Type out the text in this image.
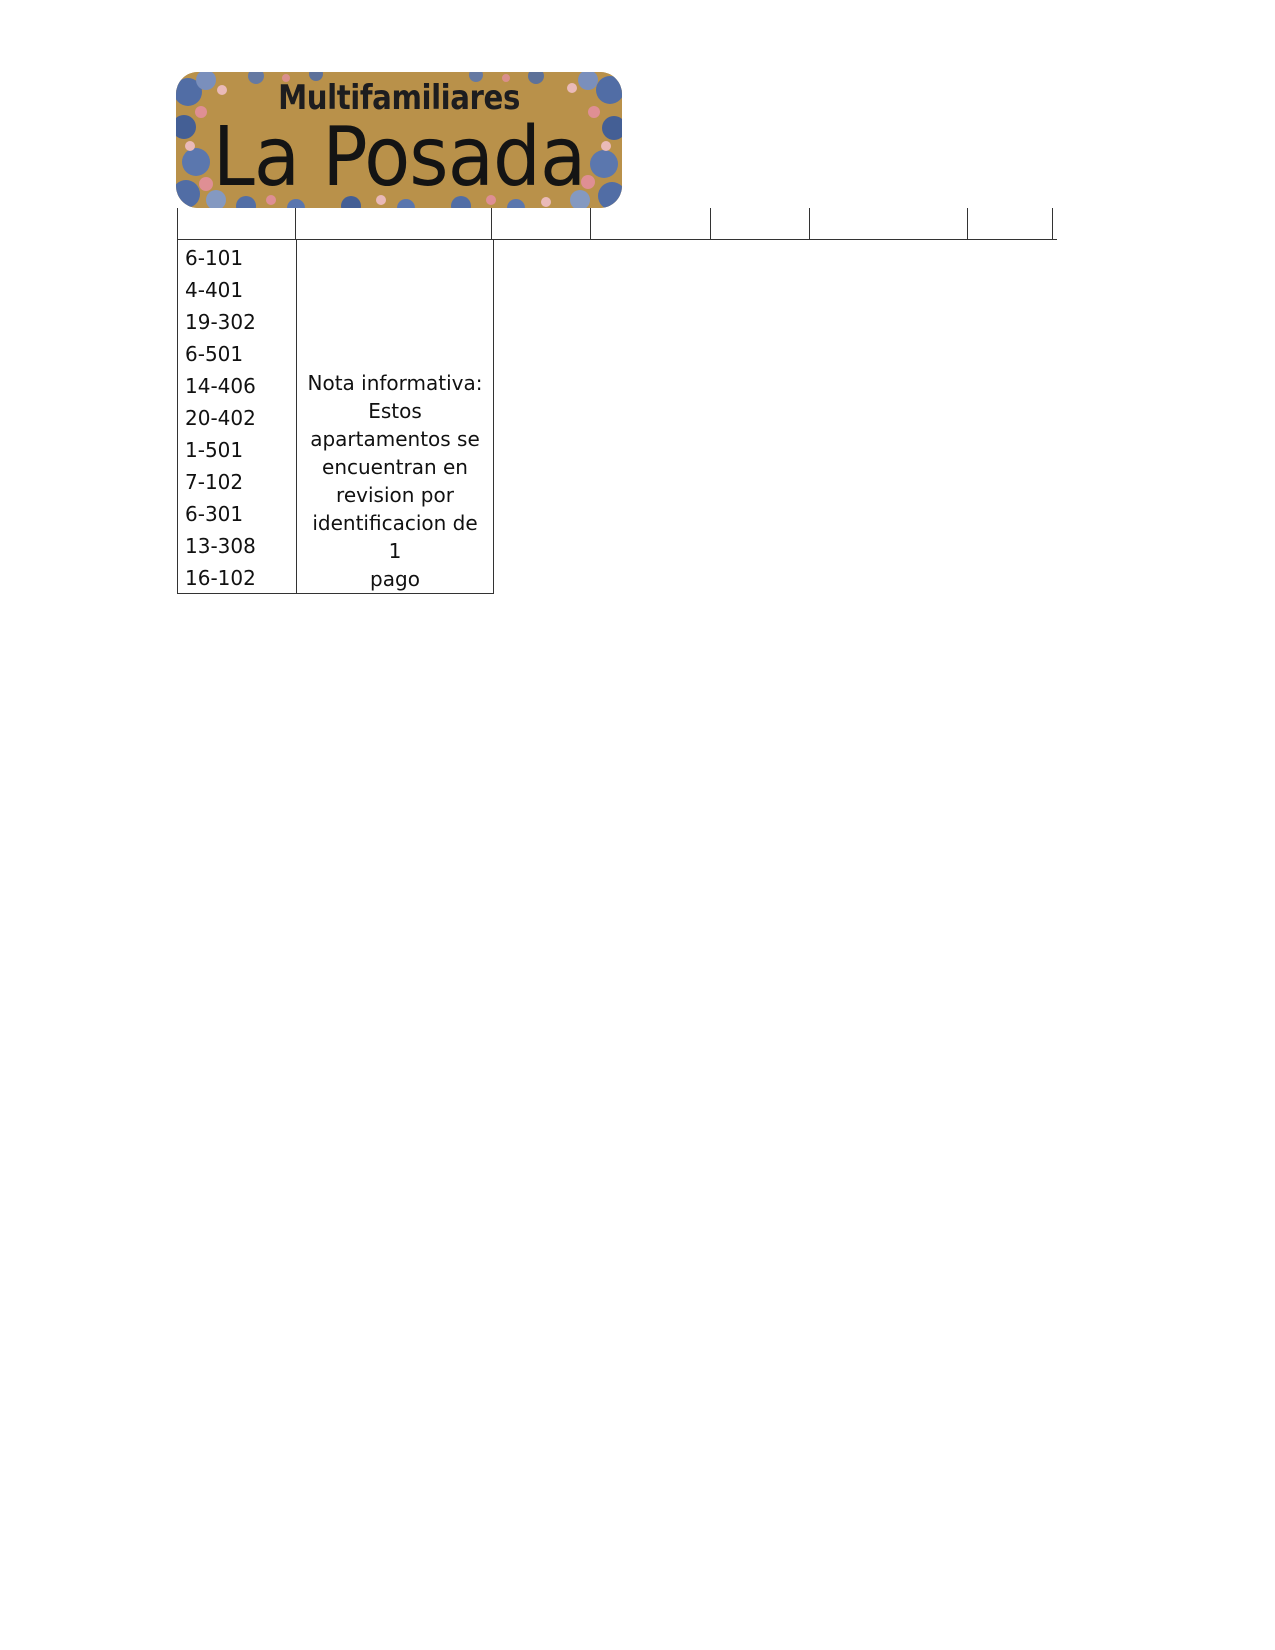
Multifamiliares
La Posada
6-101
4-401
19-302
6-501
14-406
20-402
1-501
7-102
6-301
13-308
16-102

Nota informativa:
Estos
apartamentos se
encuentran en
revision por
identificacion de 1
pago
